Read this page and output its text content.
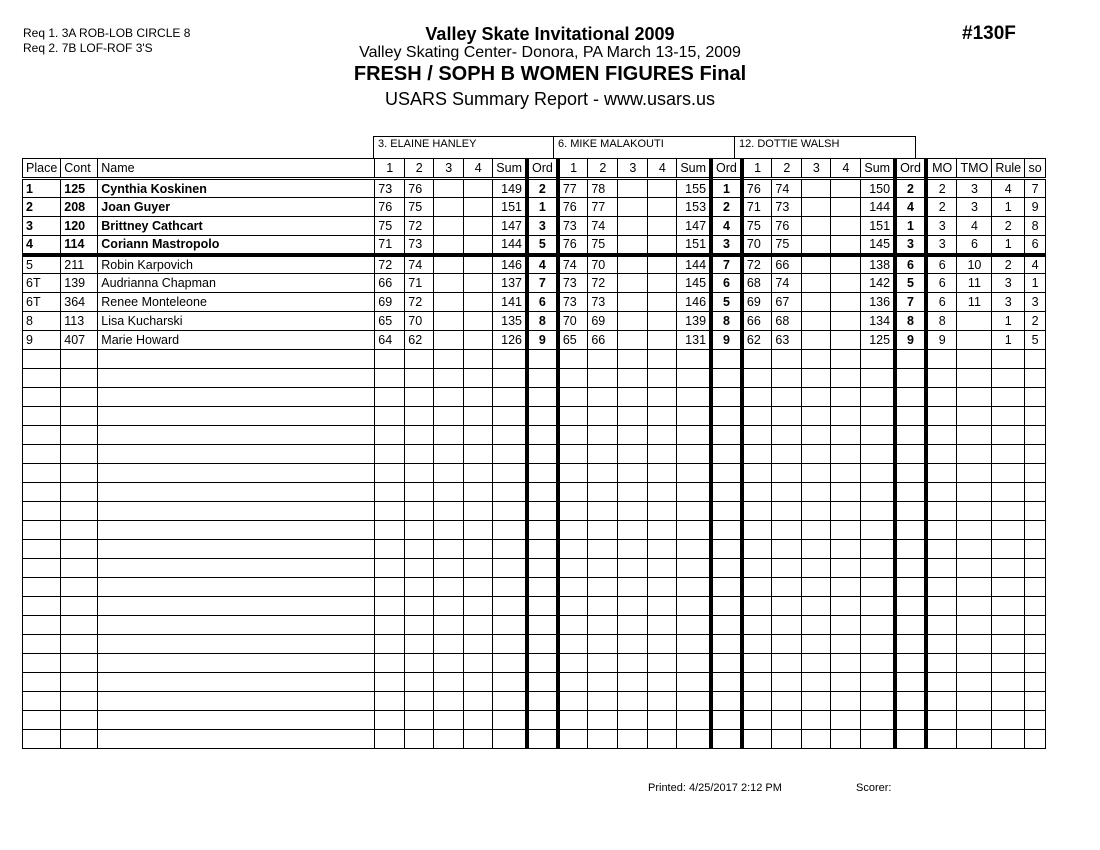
Req 1. 3A ROB-LOB CIRCLE 8
Req 2. 7B LOF-ROF 3'S
Valley Skate Invitational 2009
Valley Skating Center- Donora, PA March 13-15, 2009
FRESH / SOPH B WOMEN FIGURES Final
USARS Summary Report - www.usars.us
#130F
3. ELAINE HANLEY	6. MIKE MALAKOUTI	12. DOTTIE WALSH
Place	Cont	Name	1	2	3	4	Sum	Ord	1	2	3	4	Sum	Ord	1	2	3	4	Sum	Ord	MO	TMO	Rule	so
1	125	Cynthia Koskinen	73	76			149	2	77	78			155	1	76	74			150	2	2	3	4	7
2	208	Joan Guyer	76	75			151	1	76	77			153	2	71	73			144	4	2	3	1	9
3	120	Brittney Cathcart	75	72			147	3	73	74			147	4	75	76			151	1	3	4	2	8
4	114	Coriann Mastropolo	71	73			144	5	76	75			151	3	70	75			145	3	3	6	1	6
5	211	Robin Karpovich	72	74			146	4	74	70			144	7	72	66			138	6	6	10	2	4
6T	139	Audrianna Chapman	66	71			137	7	73	72			145	6	68	74			142	5	6	11	3	1
6T	364	Renee Monteleone	69	72			141	6	73	73			146	5	69	67			136	7	6	11	3	3
8	113	Lisa Kucharski	65	70			135	8	70	69			139	8	66	68			134	8	8		1	2
9	407	Marie Howard	64	62			126	9	65	66			131	9	62	63			125	9	9		1	5

Printed: 4/25/2017 2:12 PM	Scorer:
